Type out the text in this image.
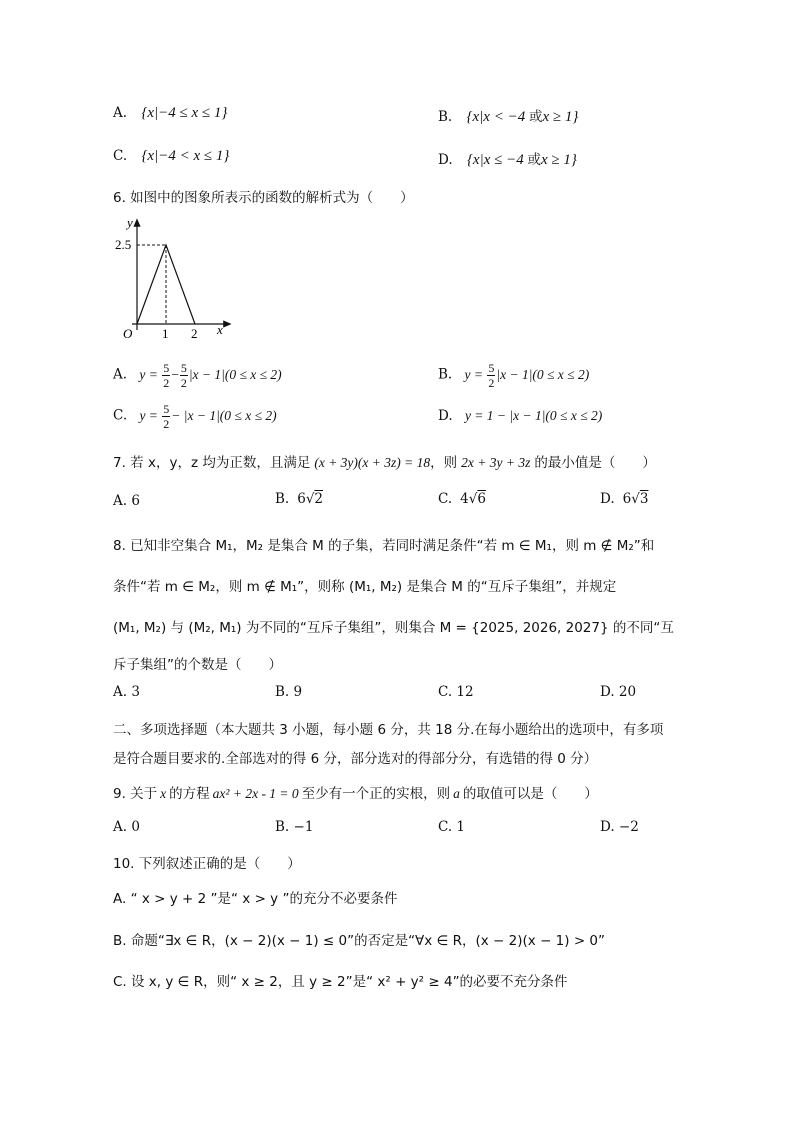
A. {x|−4 ≤ x ≤ 1}	B. {x|x < −4 或x ≥ 1}
C. {x|−4 < x ≤ 1}	D. {x|x ≤ −4 或x ≥ 1}
6. 如图中的图象所表示的函数的解析式为（　　）
y
2.5
O 1 2 x
A. $y = \frac{5}{2} - \frac{5}{2} |x - 1|(0 \le x \le 2)$	B. $y = \frac{5}{2} |x - 1|(0 \le x \le 2)$
C. $y = \frac{5}{2} - |x - 1|(0 \le x \le 2)$	D. y = 1 − |x − 1|(0 ≤ x ≤ 2)
7. 若 x，y，z 均为正数，且满足 (x + 3y)(x + 3z) = 18，则 2x + 3y + 3z 的最小值是（　　）
A. 6	B. 6√2	C. 4√6	D. 6√3
8. 已知非空集合 M₁，M₂ 是集合 M 的子集，若同时满足条件“若 m ∈ M₁，则 m ∉ M₂”和
条件“若 m ∈ M₂，则 m ∉ M₁”，则称 (M₁, M₂) 是集合 M 的“互斥子集组”，并规定
(M₁, M₂) 与 (M₂, M₁) 为不同的“互斥子集组”，则集合 M = {2025, 2026, 2027} 的不同“互
斥子集组”的个数是（　　）
A. 3	B. 9	C. 12	D. 20
二、多项选择题（本大题共 3 小题，每小题 6 分，共 18 分.在每小题给出的选项中，有多项
是符合题目要求的.全部选对的得 6 分，部分选对的得部分分，有选错的得 0 分）
9. 关于 x 的方程 ax² + 2x - 1 = 0 至少有一个正的实根，则 a 的取值可以是（　　）
A. 0	B. −1	C. 1	D. −2
10. 下列叙述正确的是（　　）
A. “ x > y + 2 ”是“ x > y ”的充分不必要条件
B. 命题“∃x ∈ R，(x − 2)(x − 1) ≤ 0”的否定是“∀x ∈ R，(x − 2)(x − 1) > 0”
C. 设 x, y ∈ R，则“ x ≥ 2，且 y ≥ 2”是“ x² + y² ≥ 4”的必要不充分条件
